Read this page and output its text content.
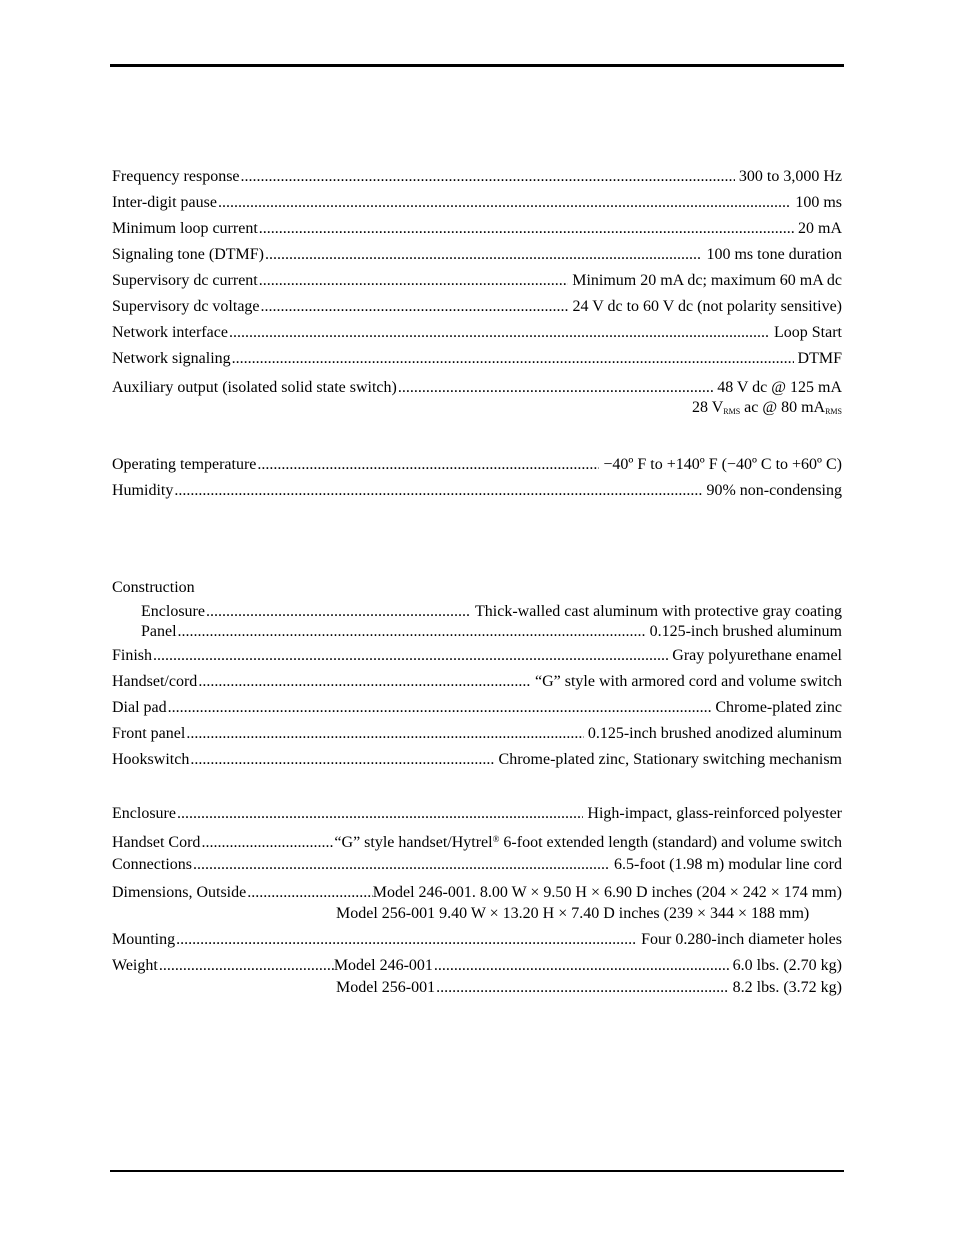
Frequency response .....	300 to 3,000 Hz
Inter-digit pause .....	100 ms
Minimum loop current .....	20 mA
Signaling tone (DTMF) .....	100 ms tone duration
Supervisory dc current .....	Minimum 20 mA dc; maximum 60 mA dc
Supervisory dc voltage .....	24 V dc to 60 V dc (not polarity sensitive)
Network interface .....	Loop Start
Network signaling .....	DTMF
Auxiliary output (isolated solid state switch) .....	48 V dc @ 125 mA
28 $V_{RMS}$ ac @ 80 $mA_{RMS}$
Operating temperature .....	−40º F to +140º F (−40º C to +60º C)
Humidity .....	90% non-condensing
Construction
Enclosure .....	Thick-walled cast aluminum with protective gray coating
Panel .....	0.125-inch brushed aluminum
Finish .....	Gray polyurethane enamel
Handset/cord .....	“G” style with armored cord and volume switch
Dial pad .....	Chrome-plated zinc
Front panel .....	0.125-inch brushed anodized aluminum
Hookswitch .....	Chrome-plated zinc, Stationary switching mechanism
Enclosure .....	High-impact, glass-reinforced polyester
Handset Cord .....	“G” style handset/Hytrel® 6-foot extended length (standard) and volume switch
Connections .....	6.5-foot (1.98 m) modular line cord
Dimensions, Outside .....	Model 246-001. 8.00 W × 9.50 H × 6.90 D inches (204 × 242 × 174 mm)
Model 256-001 9.40 W × 13.20 H × 7.40 D inches (239 × 344 × 188 mm)
Mounting .....	Four 0.280-inch diameter holes
Weight .....	Model 246-001 .....	6.0 lbs. (2.70 kg)
Model 256-001 .....	8.2 lbs. (3.72 kg)
